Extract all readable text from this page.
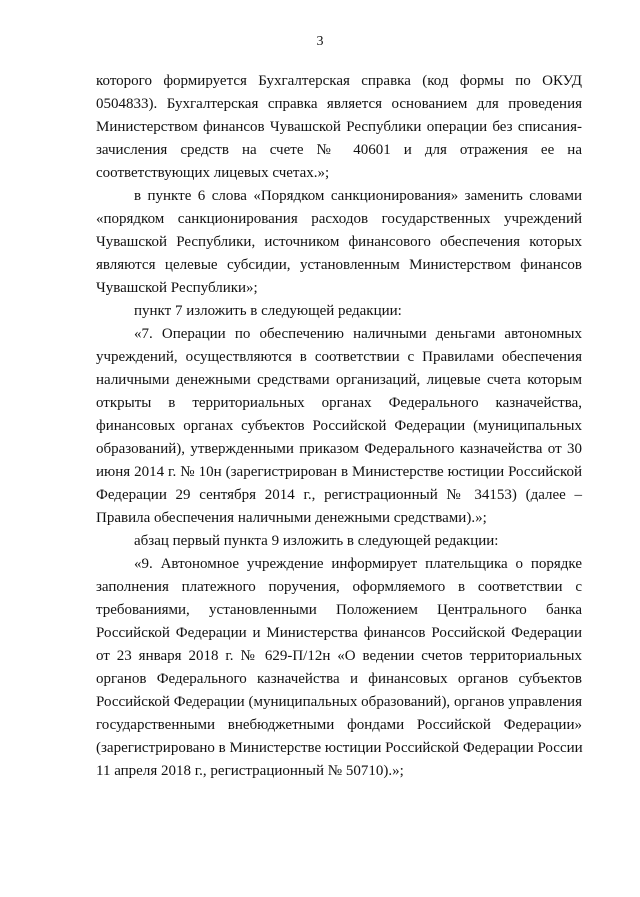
3
которого формируется Бухгалтерская справка (код формы по ОКУД
0504833). Бухгалтерская справка является основанием для проведения
Министерством финансов Чувашской Республики операции без списания-
зачисления средств на счете № 40601 и для отражения ее на
соответствующих лицевых счетах.»;
в пункте 6 слова «Порядком санкционирования» заменить словами
«порядком санкционирования расходов государственных учреждений
Чувашской Республики, источником финансового обеспечения которых
являются целевые субсидии, установленным Министерством финансов
Чувашской Республики»;
пункт 7 изложить в следующей редакции:
«7. Операции по обеспечению наличными деньгами автономных
учреждений, осуществляются в соответствии с Правилами обеспечения
наличными денежными средствами организаций, лицевые счета которым
открыты в территориальных органах Федерального казначейства,
финансовых органах субъектов Российской Федерации (муниципальных
образований), утвержденными приказом Федерального казначейства от 30
июня 2014 г. № 10н (зарегистрирован в Министерстве юстиции Российской
Федерации 29 сентября 2014 г., регистрационный № 34153) (далее –
Правила обеспечения наличными денежными средствами).»;
абзац первый пункта 9 изложить в следующей редакции:
«9. Автономное учреждение информирует плательщика о порядке
заполнения платежного поручения, оформляемого в соответствии с
требованиями, установленными Положением Центрального банка
Российской Федерации и Министерства финансов Российской Федерации
от 23 января 2018 г. № 629-П/12н «О ведении счетов территориальных
органов Федерального казначейства и финансовых органов субъектов
Российской Федерации (муниципальных образований), органов управления
государственными внебюджетными фондами Российской Федерации»
(зарегистрировано в Министерстве юстиции Российской Федерации России
11 апреля 2018 г., регистрационный № 50710).»;
